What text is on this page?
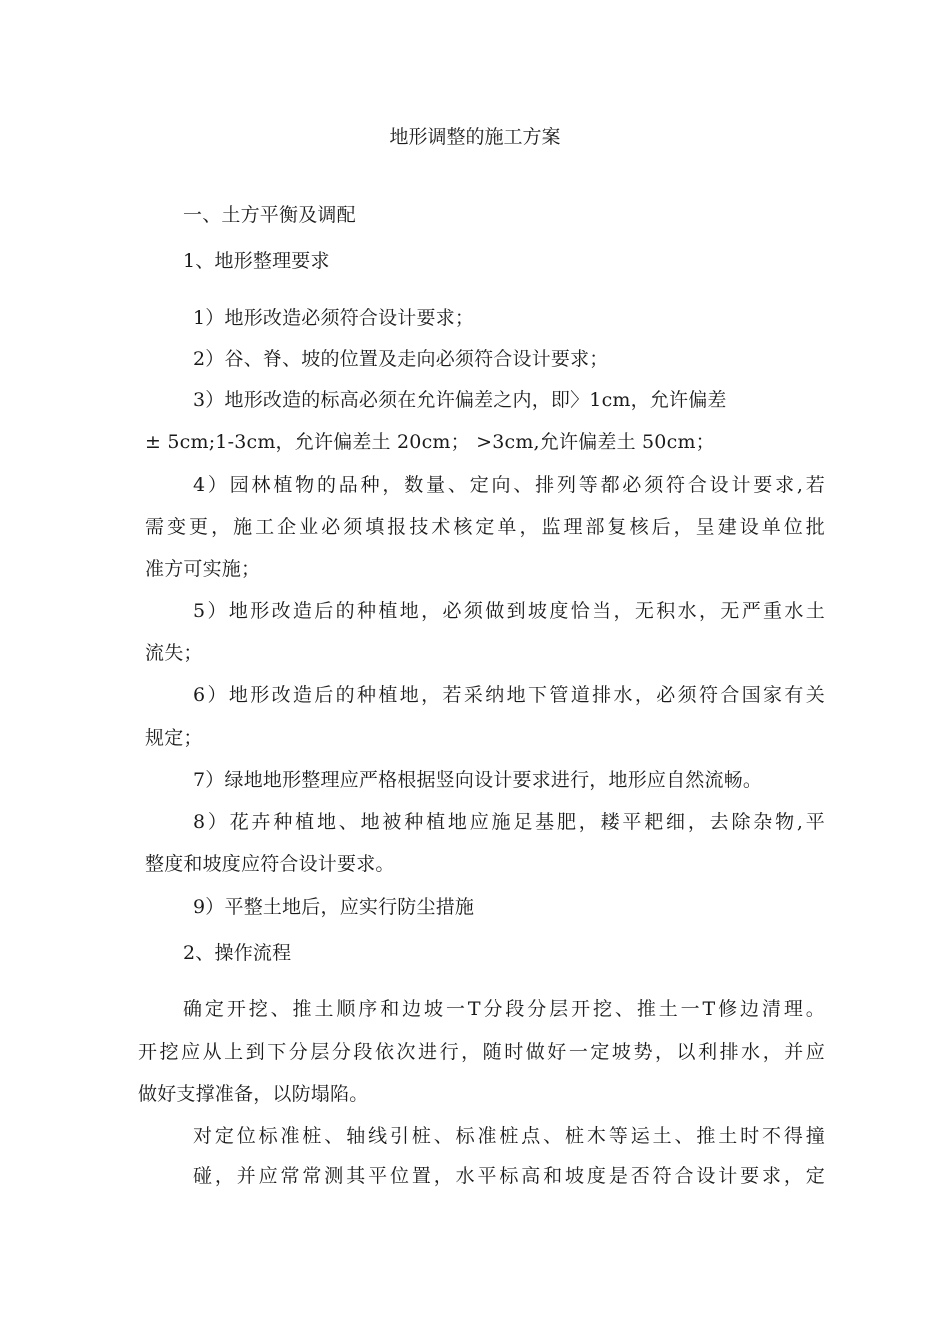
地形调整的施工方案
一、土方平衡及调配
1、地形整理要求
1）地形改造必须符合设计要求；
2）谷、脊、坡的位置及走向必须符合设计要求；
3）地形改造的标高必须在允许偏差之内，即〉1cm，允许偏差
± 5cm;1-3cm，允许偏差土 20cm； >3cm,允许偏差土 50cm；
4）园林植物的品种，数量、定向、排列等都必须符合设计要求,若
需变更，施工企业必须填报技术核定单，监理部复核后，呈建设单位批
准方可实施；
5）地形改造后的种植地，必须做到坡度恰当，无积水，无严重水土
流失；
6）地形改造后的种植地，若采纳地下管道排水，必须符合国家有关
规定；
7）绿地地形整理应严格根据竖向设计要求进行，地形应自然流畅。
8）花卉种植地、地被种植地应施足基肥，耧平耙细，去除杂物,平
整度和坡度应符合设计要求。
9）平整土地后，应实行防尘措施
2、操作流程
确定开挖、推土顺序和边坡一T分段分层开挖、推土一T修边清理。
开挖应从上到下分层分段依次进行，随时做好一定坡势，以利排水，并应
做好支撑准备，以防塌陷。
对定位标准桩、轴线引桩、标准桩点、桩木等运土、推土时不得撞
碰，并应常常测其平位置，水平标高和坡度是否符合设计要求，定
